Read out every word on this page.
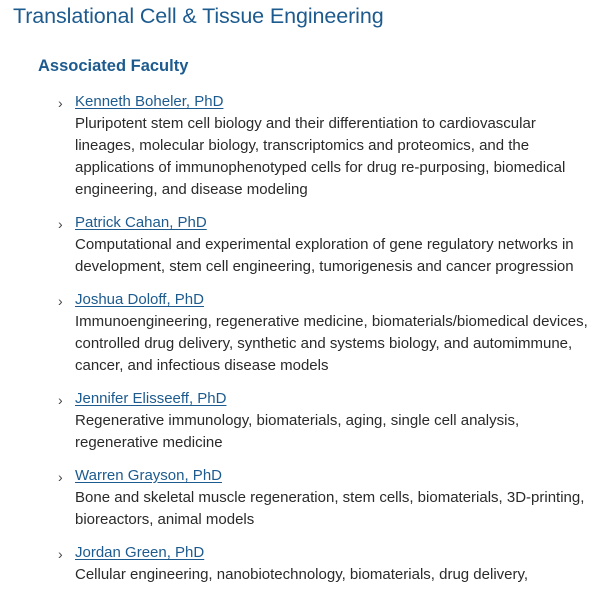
Translational Cell & Tissue Engineering
Associated Faculty
› Kenneth Boheler, PhD
Pluripotent stem cell biology and their differentiation to cardiovascular lineages, molecular biology, transcriptomics and proteomics, and the applications of immunophenotyped cells for drug re-purposing, biomedical engineering, and disease modeling
› Patrick Cahan, PhD
Computational and experimental exploration of gene regulatory networks in development, stem cell engineering, tumorigenesis and cancer progression
› Joshua Doloff, PhD
Immunoengineering, regenerative medicine, biomaterials/biomedical devices, controlled drug delivery, synthetic and systems biology, and automimmune, cancer, and infectious disease models
› Jennifer Elisseeff, PhD
Regenerative immunology, biomaterials, aging, single cell analysis, regenerative medicine
› Warren Grayson, PhD
Bone and skeletal muscle regeneration, stem cells, biomaterials, 3D-printing, bioreactors, animal models
› Jordan Green, PhD
Cellular engineering, nanobiotechnology, biomaterials, drug delivery,
